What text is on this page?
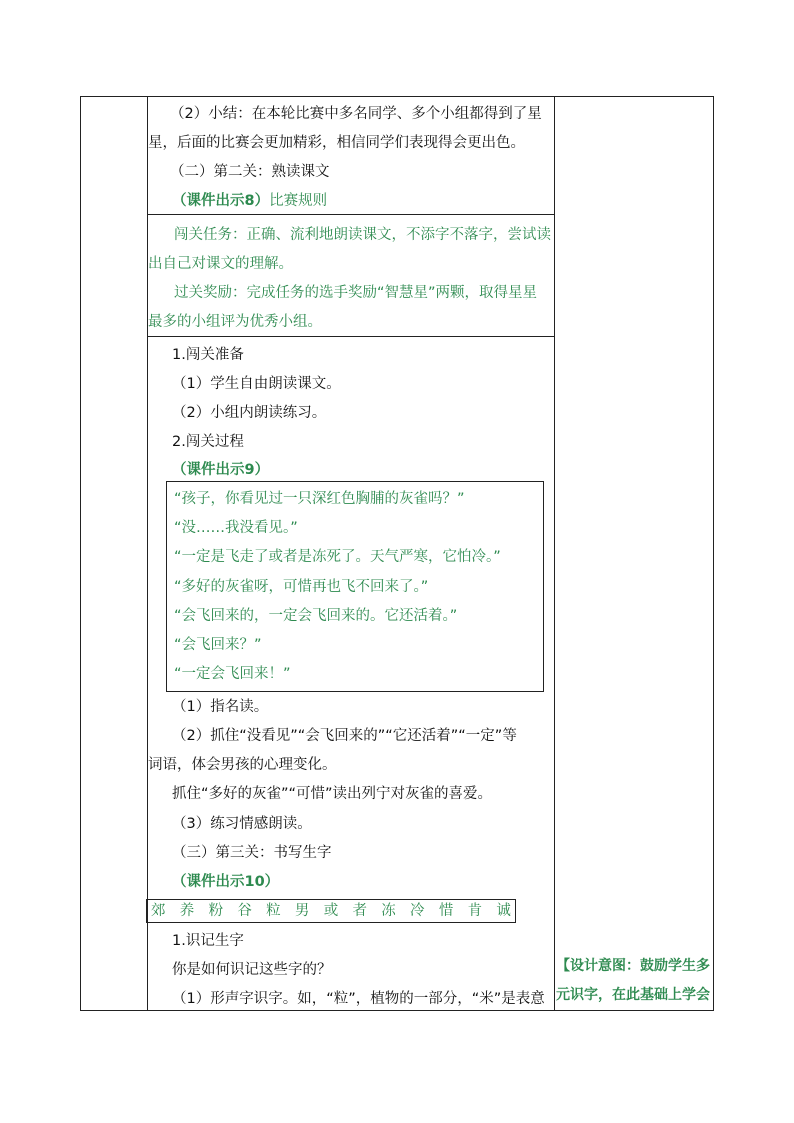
（2）小结：在本轮比赛中多名同学、多个小组都得到了星
星，后面的比赛会更加精彩，相信同学们表现得会更出色。
（二）第二关：熟读课文
（课件出示8）比赛规则
闯关任务：正确、流利地朗读课文，不添字不落字，尝试读
出自己对课文的理解。
过关奖励：完成任务的选手奖励“智慧星”两颗，取得星星
最多的小组评为优秀小组。
1.闯关准备
（1）学生自由朗读课文。
（2）小组内朗读练习。
2.闯关过程
（课件出示9）
“孩子，你看见过一只深红色胸脯的灰雀吗？”
“没……我没看见。”
“一定是飞走了或者是冻死了。天气严寒，它怕冷。”
“多好的灰雀呀，可惜再也飞不回来了。”
“会飞回来的，一定会飞回来的。它还活着。”
“会飞回来？”
“一定会飞回来！”
（1）指名读。
（2）抓住“没看见”“会飞回来的”“它还活着”“一定”等
词语，体会男孩的心理变化。
抓住“多好的灰雀”“可惜”读出列宁对灰雀的喜爱。
（3）练习情感朗读。
（三）第三关：书写生字
（课件出示10）
郊 养 粉 谷 粒 男 或 者 冻 冷 惜 肯 诚
1.识记生字
你是如何识记这些字的？
（1）形声字识字。如，“粒”，植物的一部分，“米”是表意
【设计意图：鼓励学生多
元识字，在此基础上学会
